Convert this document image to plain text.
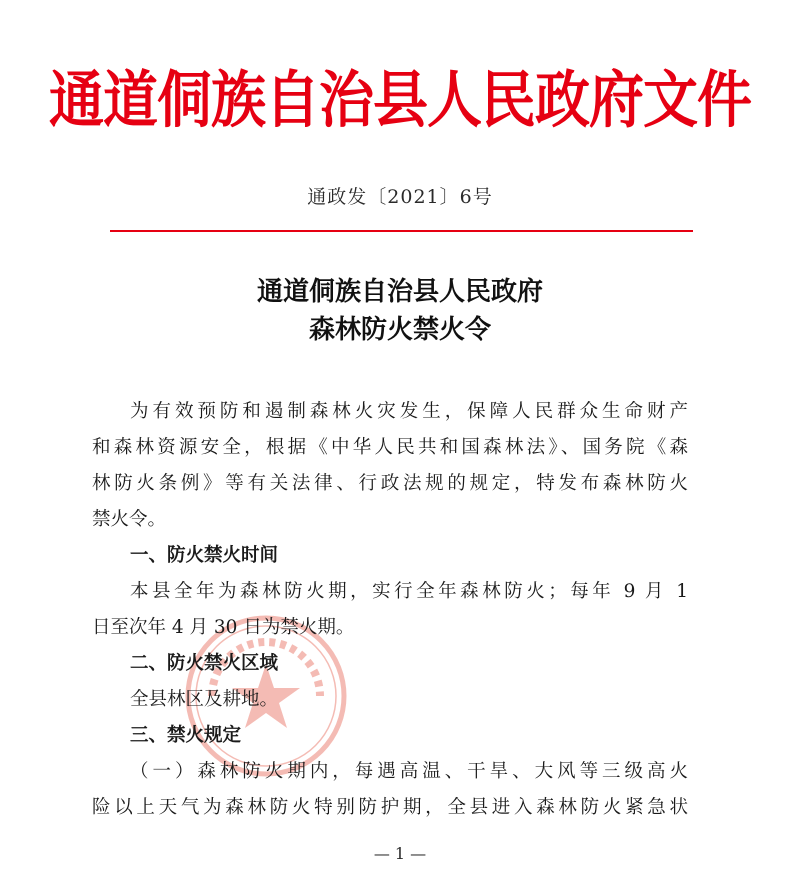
通道侗族自治县人民政府文件
通政发〔2021〕6号
通道侗族自治县人民政府
森林防火禁火令
为有效预防和遏制森林火灾发生，保障人民群众生命财产
和森林资源安全，根据《中华人民共和国森林法》、国务院《森
林防火条例》等有关法律、行政法规的规定，特发布森林防火
禁火令。
一、防火禁火时间
本县全年为森林防火期，实行全年森林防火；每年 9 月 1
日至次年 4 月 30 日为禁火期。
二、防火禁火区域
全县林区及耕地。
三、禁火规定
（一）森林防火期内，每遇高温、干旱、大风等三级高火
险以上天气为森林防火特别防护期，全县进入森林防火紧急状
— 1 —
